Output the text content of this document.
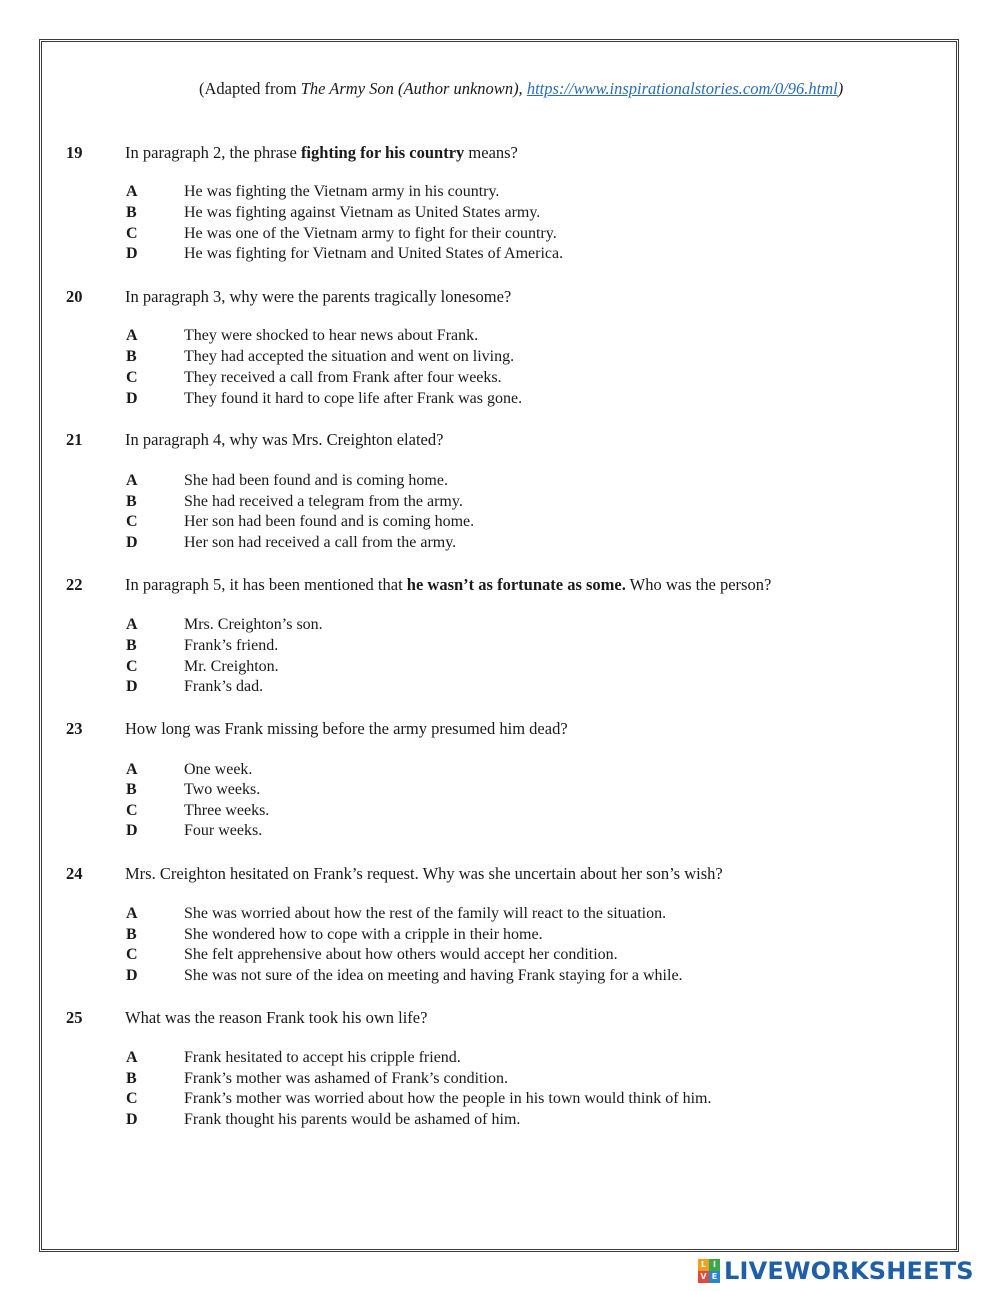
(Adapted from The Army Son (Author unknown), https://www.inspirationalstories.com/0/96.html)
19	In paragraph 2, the phrase fighting for his country means?
A	He was fighting the Vietnam army in his country.
B	He was fighting against Vietnam as United States army.
C	He was one of the Vietnam army to fight for their country.
D	He was fighting for Vietnam and United States of America.
20	In paragraph 3, why were the parents tragically lonesome?
A	They were shocked to hear news about Frank.
B	They had accepted the situation and went on living.
C	They received a call from Frank after four weeks.
D	They found it hard to cope life after Frank was gone.
21	In paragraph 4, why was Mrs. Creighton elated?
A	She had been found and is coming home.
B	She had received a telegram from the army.
C	Her son had been found and is coming home.
D	Her son had received a call from the army.
22	In paragraph 5, it has been mentioned that he wasn’t as fortunate as some. Who was the person?
A	Mrs. Creighton’s son.
B	Frank’s friend.
C	Mr. Creighton.
D	Frank’s dad.
23	How long was Frank missing before the army presumed him dead?
A	One week.
B	Two weeks.
C	Three weeks.
D	Four weeks.
24	Mrs. Creighton hesitated on Frank’s request. Why was she uncertain about her son’s wish?
A	She was worried about how the rest of the family will react to the situation.
B	She wondered how to cope with a cripple in their home.
C	She felt apprehensive about how others would accept her condition.
D	She was not sure of the idea on meeting and having Frank staying for a while.
25	What was the reason Frank took his own life?
A	Frank hesitated to accept his cripple friend.
B	Frank’s mother was ashamed of Frank’s condition.
C	Frank’s mother was worried about how the people in his town would think of him.
D	Frank thought his parents would be ashamed of him.
L I
V E LIVEWORKSHEETS
